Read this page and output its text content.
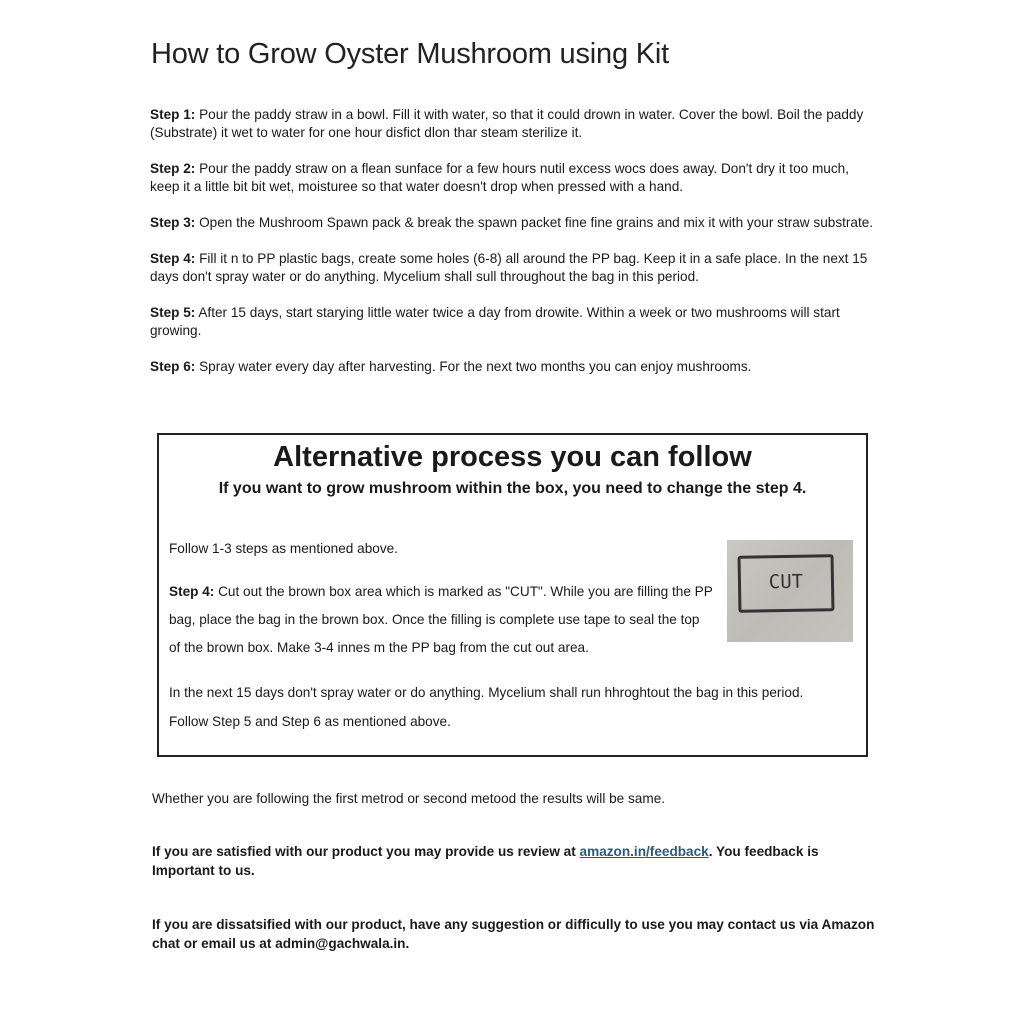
How to Grow Oyster Mushroom using Kit

Step 1: Pour the paddy straw in a bowl. Fill it with water, so that it could drown in water. Cover the bowl. Boil the paddy (Substrate) it wet to water for one hour disfict dlon thar steam sterilize it.

Step 2: Pour the paddy straw on a flean sunface for a few hours nutil excess wocs does away. Don't dry it too much, keep it a little bit bit wet, moisturee so that water doesn't drop when pressed with a hand.

Step 3: Open the Mushroom Spawn pack & break the spawn packet fine fine grains and mix it with your straw substrate.

Step 4: Fill it n to PP plastic bags, create some holes (6-8) all around the PP bag. Keep it in a safe place. In the next 15 days don't spray water or do anything. Mycelium shall sull throughout the bag in this period.

Step 5: After 15 days, start starying little water twice a day from drowite. Within a week or two mushrooms will start growing.

Step 6: Spray water every day after harvesting. For the next two months you can enjoy mushrooms.

Alternative process you can follow

If you want to grow mushroom within the box, you need to change the step 4.

Follow 1-3 steps as mentioned above.

Step 4: Cut out the brown box area which is marked as "CUT". While you are filling the PP bag, place the bag in the brown box. Once the filling is complete use tape to seal the top of the brown box. Make 3-4 innes m the PP bag from the cut out area.

In the next 15 days don't spray water or do anything. Mycelium shall run hhroghtout the bag in this period.

Follow Step 5 and Step 6 as mentioned above.

CUT

Whether you are following the first metrod or second metood the results will be same.

If you are satisfied with our product you may provide us review at amazon.in/feedback. You feedback is Important to us.

If you are dissatsified with our product, have any suggestion or difficully to use you may contact us via Amazon chat or email us at admin@gachwala.in.
